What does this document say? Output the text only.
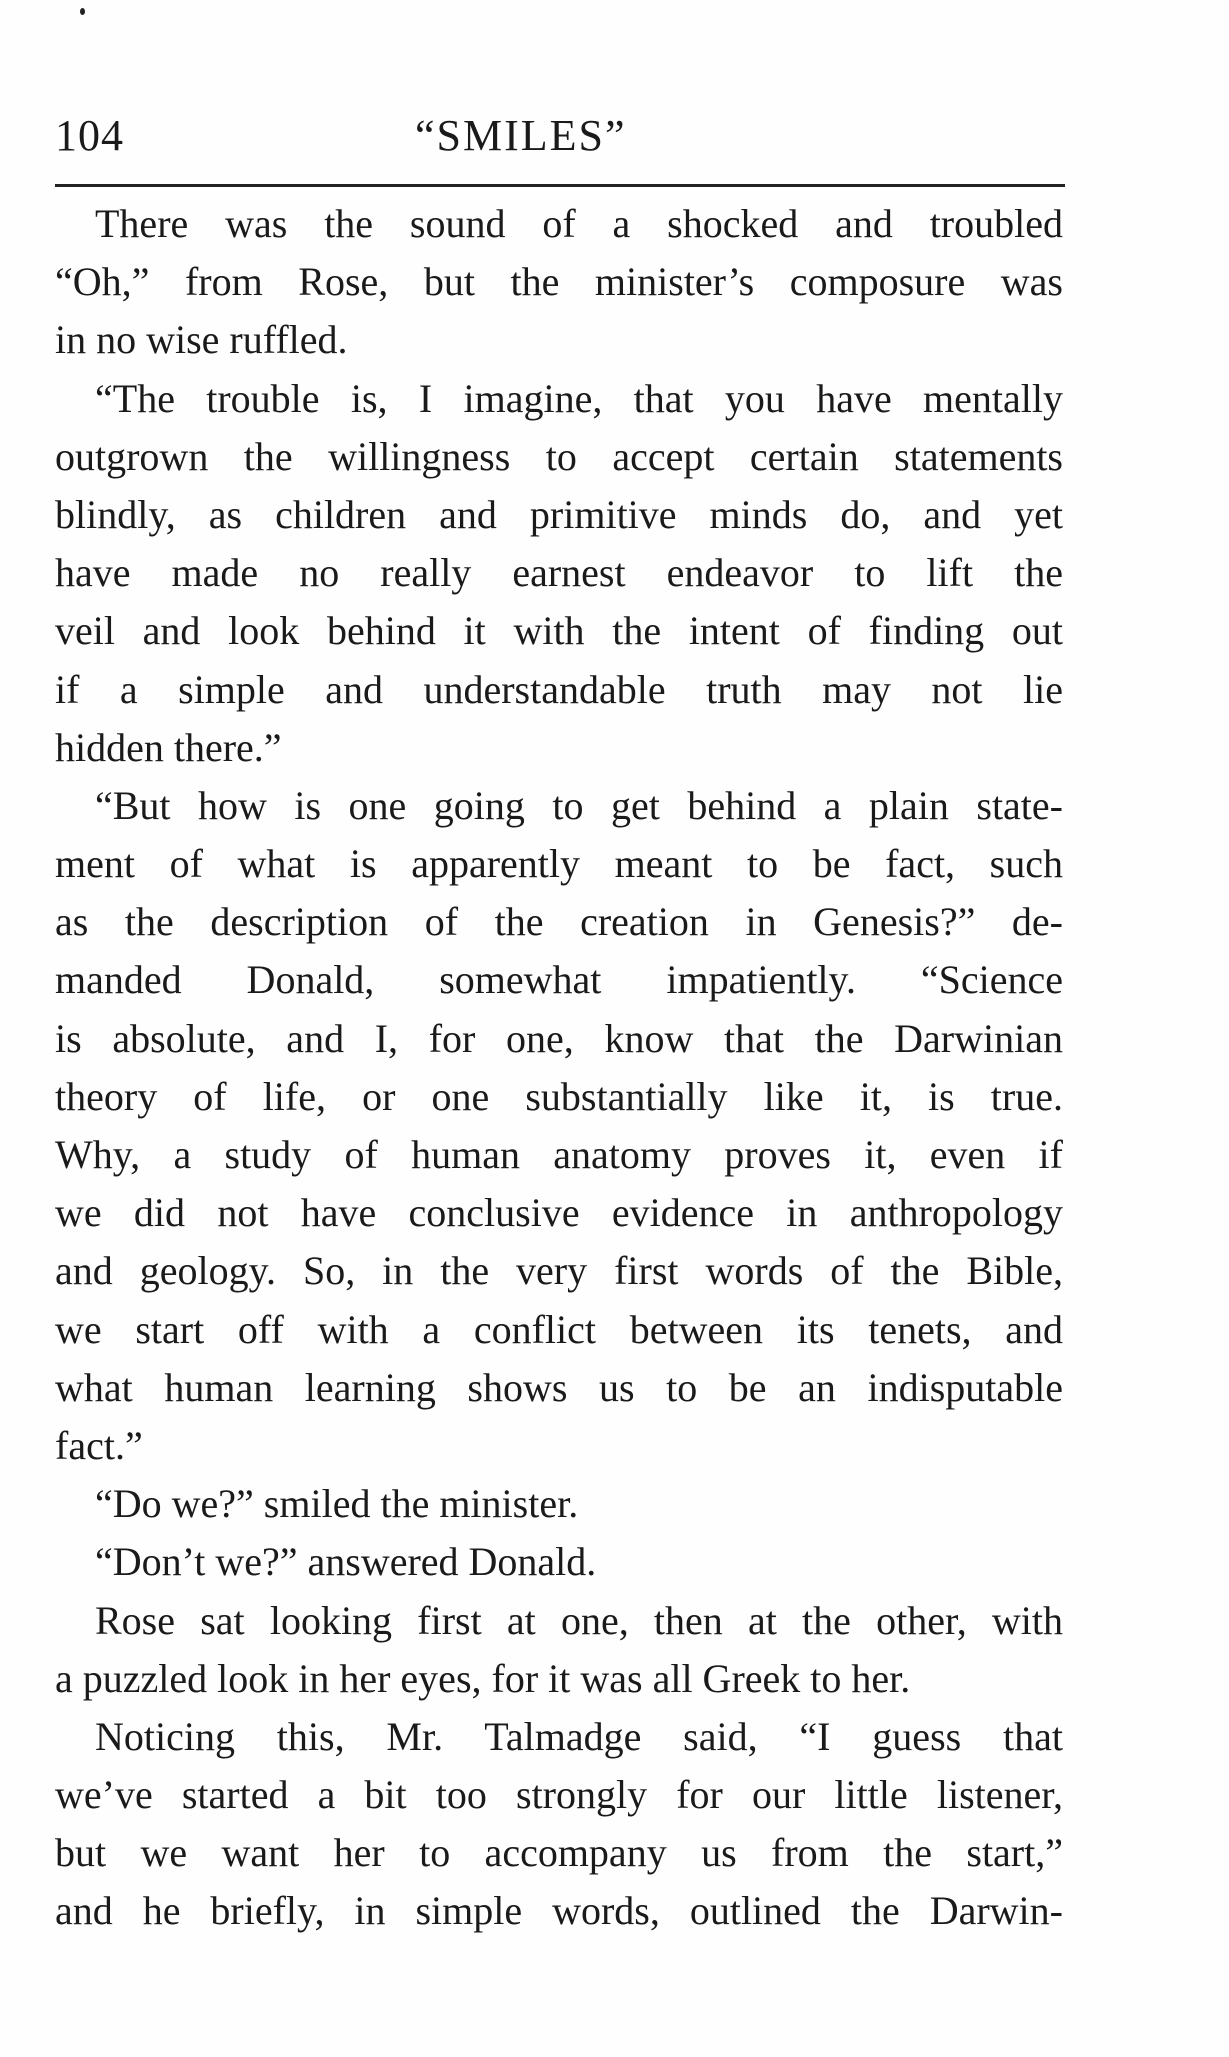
104	“SMILES”
There was the sound of a shocked and troubled
“Oh,” from Rose, but the minister’s composure was
in no wise ruffled.
“The trouble is, I imagine, that you have mentally
outgrown the willingness to accept certain statements
blindly, as children and primitive minds do, and yet
have made no really earnest endeavor to lift the
veil and look behind it with the intent of finding out
if a simple and understandable truth may not lie
hidden there.”
“But how is one going to get behind a plain state-
ment of what is apparently meant to be fact, such
as the description of the creation in Genesis?” de-
manded Donald, somewhat impatiently. “Science
is absolute, and I, for one, know that the Darwinian
theory of life, or one substantially like it, is true.
Why, a study of human anatomy proves it, even if
we did not have conclusive evidence in anthropology
and geology. So, in the very first words of the Bible,
we start off with a conflict between its tenets, and
what human learning shows us to be an indisputable
fact.”
“Do we?” smiled the minister.
“Don’t we?” answered Donald.
Rose sat looking first at one, then at the other, with
a puzzled look in her eyes, for it was all Greek to her.
Noticing this, Mr. Talmadge said, “I guess that
we’ve started a bit too strongly for our little listener,
but we want her to accompany us from the start,”
and he briefly, in simple words, outlined the Darwin-
